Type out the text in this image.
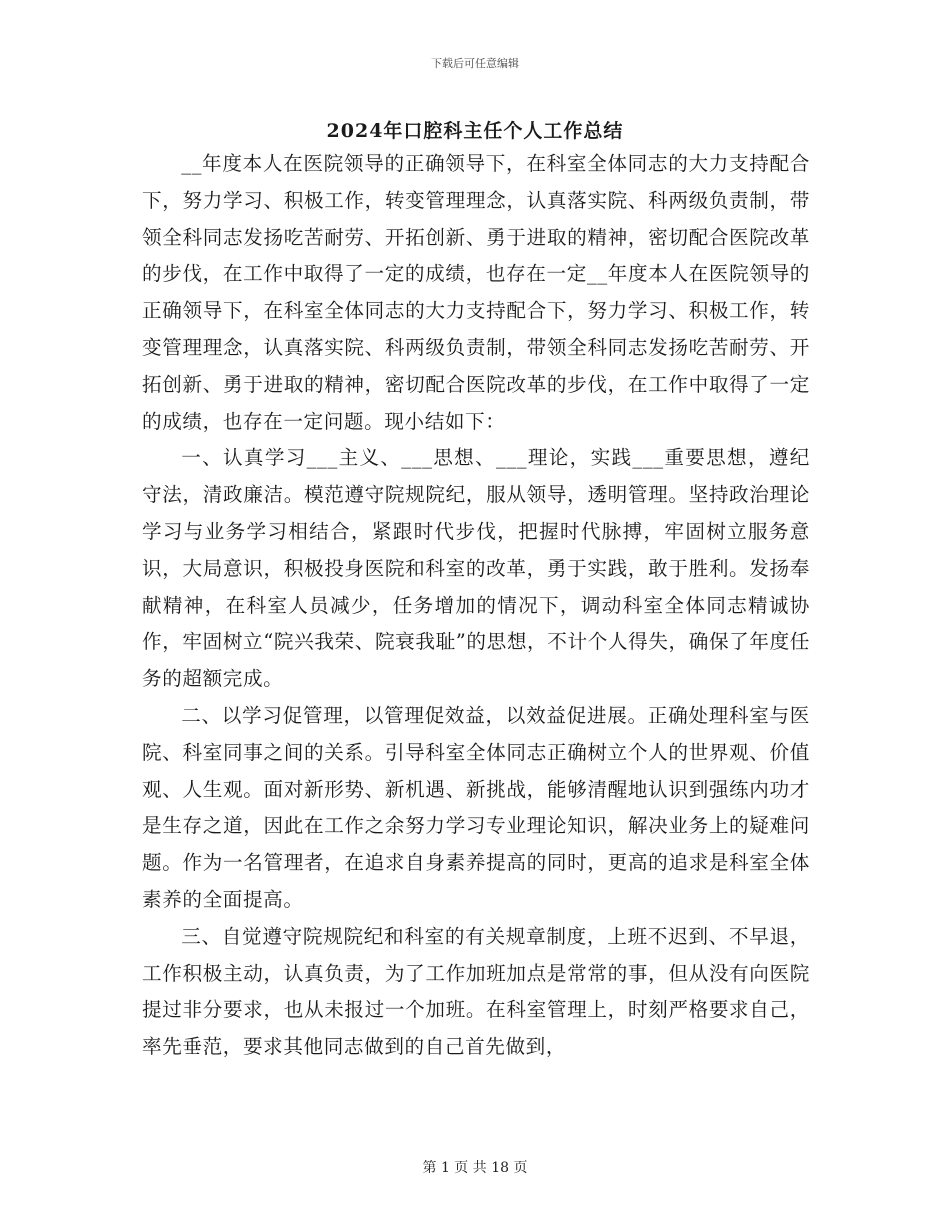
下载后可任意编辑
2024年口腔科主任个人工作总结

__年度本人在医院领导的正确领导下，在科室全体同志的大力支持配合下，努力学习、积极工作，转变管理理念，认真落实院、科两级负责制，带领全科同志发扬吃苦耐劳、开拓创新、勇于进取的精神，密切配合医院改革的步伐，在工作中取得了一定的成绩，也存在一定__年度本人在医院领导的正确领导下，在科室全体同志的大力支持配合下，努力学习、积极工作，转变管理理念，认真落实院、科两级负责制，带领全科同志发扬吃苦耐劳、开拓创新、勇于进取的精神，密切配合医院改革的步伐，在工作中取得了一定的成绩，也存在一定问题。现小结如下：

一、认真学习___主义、___思想、___理论，实践___重要思想，遵纪守法，清政廉洁。模范遵守院规院纪，服从领导，透明管理。坚持政治理论学习与业务学习相结合，紧跟时代步伐，把握时代脉搏，牢固树立服务意识，大局意识，积极投身医院和科室的改革，勇于实践，敢于胜利。发扬奉献精神，在科室人员减少，任务增加的情况下，调动科室全体同志精诚协作，牢固树立“院兴我荣、院衰我耻”的思想，不计个人得失，确保了年度任务的超额完成。

二、以学习促管理，以管理促效益，以效益促进展。正确处理科室与医院、科室同事之间的关系。引导科室全体同志正确树立个人的世界观、价值观、人生观。面对新形势、新机遇、新挑战，能够清醒地认识到强练内功才是生存之道，因此在工作之余努力学习专业理论知识，解决业务上的疑难问题。作为一名管理者，在追求自身素养提高的同时，更高的追求是科室全体素养的全面提高。

三、自觉遵守院规院纪和科室的有关规章制度，上班不迟到、不早退，工作积极主动，认真负责，为了工作加班加点是常常的事，但从没有向医院提过非分要求，也从未报过一个加班。在科室管理上，时刻严格要求自己，率先垂范，要求其他同志做到的自己首先做到，

第 1 页 共 18 页
